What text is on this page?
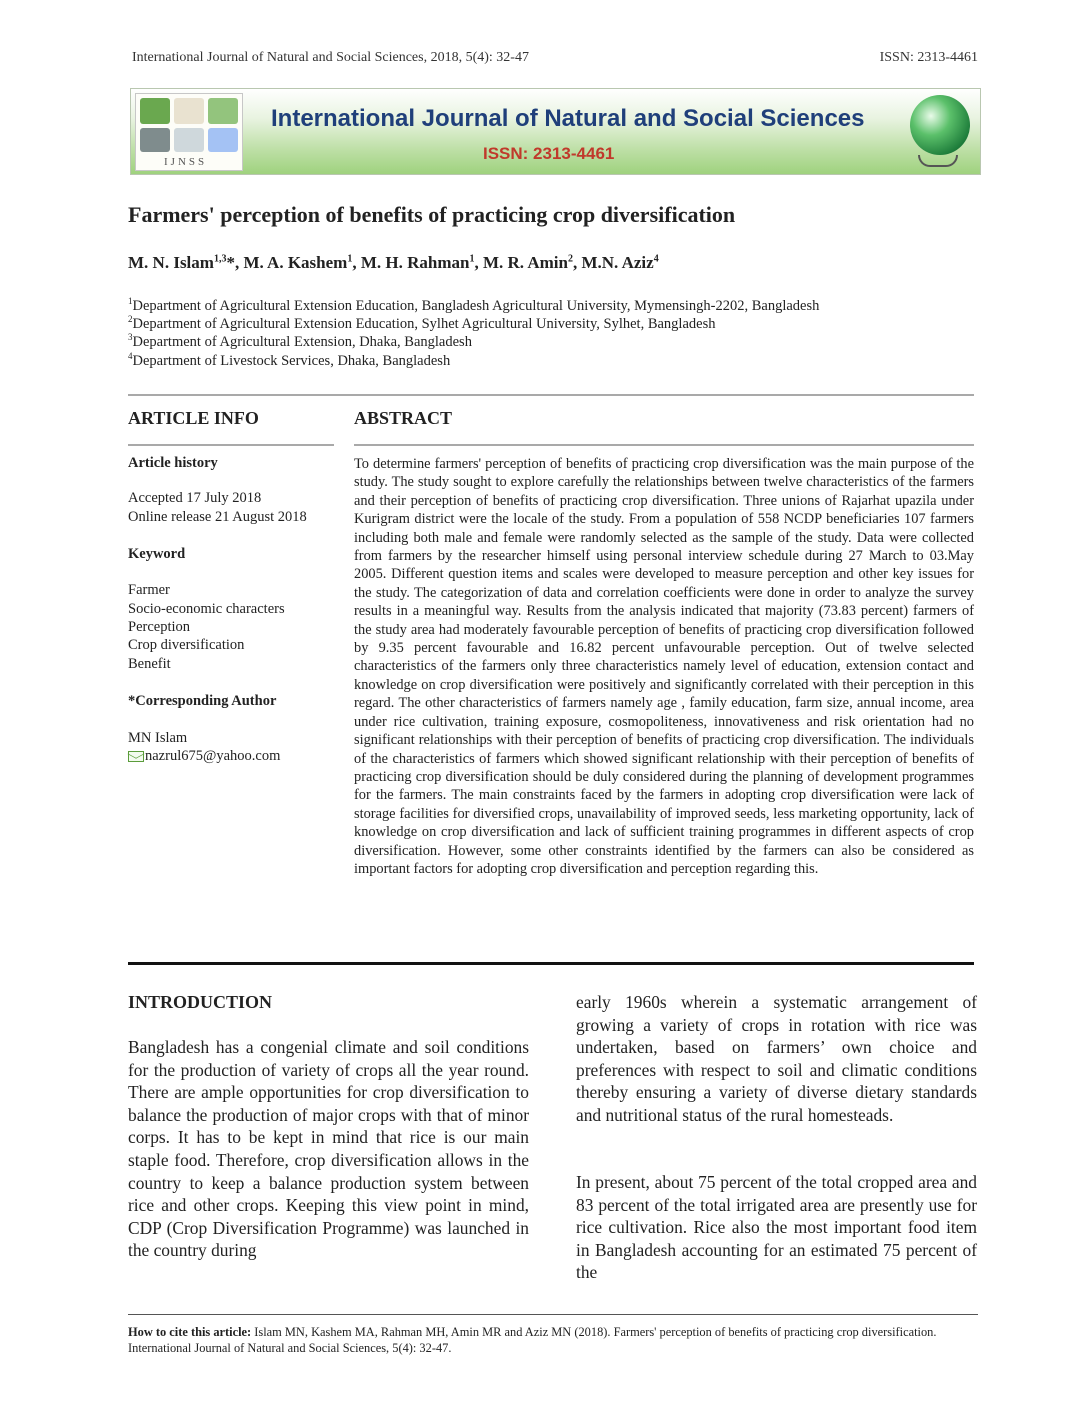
International Journal of Natural and Social Sciences, 2018, 5(4): 32-47	ISSN: 2313-4461
IJNSS
International Journal of Natural and Social Sciences
ISSN: 2313-4461
Farmers' perception of benefits of practicing crop diversification
M. N. Islam$^{1,3}$*, M. A. Kashem$^1$, M. H. Rahman$^1$, M. R. Amin$^2$, M.N. Aziz$^4$
$^1$Department of Agricultural Extension Education, Bangladesh Agricultural University, Mymensingh-2202, Bangladesh
$^2$Department of Agricultural Extension Education, Sylhet Agricultural University, Sylhet, Bangladesh
$^3$Department of Agricultural Extension, Dhaka, Bangladesh
$^4$Department of Livestock Services, Dhaka, Bangladesh
ARTICLE INFO	ABSTRACT
Article history
Accepted 17 July 2018
Online release 21 August 2018
Keyword
Farmer
Socio-economic characters
Perception
Crop diversification
Benefit
*Corresponding Author
MN Islam
nazrul675@yahoo.com
To determine farmers' perception of benefits of practicing crop diversification was the main purpose of the study. The study sought to explore carefully the relationships between twelve characteristics of the farmers and their perception of benefits of practicing crop diversification. Three unions of Rajarhat upazila under Kurigram district were the locale of the study. From a population of 558 NCDP beneficiaries 107 farmers including both male and female were randomly selected as the sample of the study. Data were collected from farmers by the researcher himself using personal interview schedule during 27 March to 03.May 2005. Different question items and scales were developed to measure perception and other key issues for the study. The categorization of data and correlation coefficients were done in order to analyze the survey results in a meaningful way. Results from the analysis indicated that majority (73.83 percent) farmers of the study area had moderately favourable perception of benefits of practicing crop diversification followed by 9.35 percent favourable and 16.82 percent unfavourable perception. Out of twelve selected characteristics of the farmers only three characteristics namely level of education, extension contact and knowledge on crop diversification were positively and significantly correlated with their perception in this regard. The other characteristics of farmers namely age , family education, farm size, annual income, area under rice cultivation, training exposure, cosmopoliteness, innovativeness and risk orientation had no significant relationships with their perception of benefits of practicing crop diversification. The individuals of the characteristics of farmers which showed significant relationship with their perception of benefits of practicing crop diversification should be duly considered during the planning of development programmes for the farmers. The main constraints faced by the farmers in adopting crop diversification were lack of storage facilities for diversified crops, unavailability of improved seeds, less marketing opportunity, lack of knowledge on crop diversification and lack of sufficient training programmes in different aspects of crop diversification. However, some other constraints identified by the farmers can also be considered as important factors for adopting crop diversification and perception regarding this.
INTRODUCTION
Bangladesh has a congenial climate and soil conditions for the production of variety of crops all the year round. There are ample opportunities for crop diversification to balance the production of major crops with that of minor corps. It has to be kept in mind that rice is our main staple food. Therefore, crop diversification allows in the country to keep a balance production system between rice and other crops. Keeping this view point in mind, CDP (Crop Diversification Programme) was launched in the country during
early 1960s wherein a systematic arrangement of growing a variety of crops in rotation with rice was undertaken, based on farmers’ own choice and preferences with respect to soil and climatic conditions thereby ensuring a variety of diverse dietary standards and nutritional status of the rural homesteads.
In present, about 75 percent of the total cropped area and 83 percent of the total irrigated area are presently use for rice cultivation. Rice also the most important food item in Bangladesh accounting for an estimated 75 percent of the
How to cite this article: Islam MN, Kashem MA, Rahman MH, Amin MR and Aziz MN (2018). Farmers' perception of benefits of practicing crop diversification. International Journal of Natural and Social Sciences, 5(4): 32-47.
